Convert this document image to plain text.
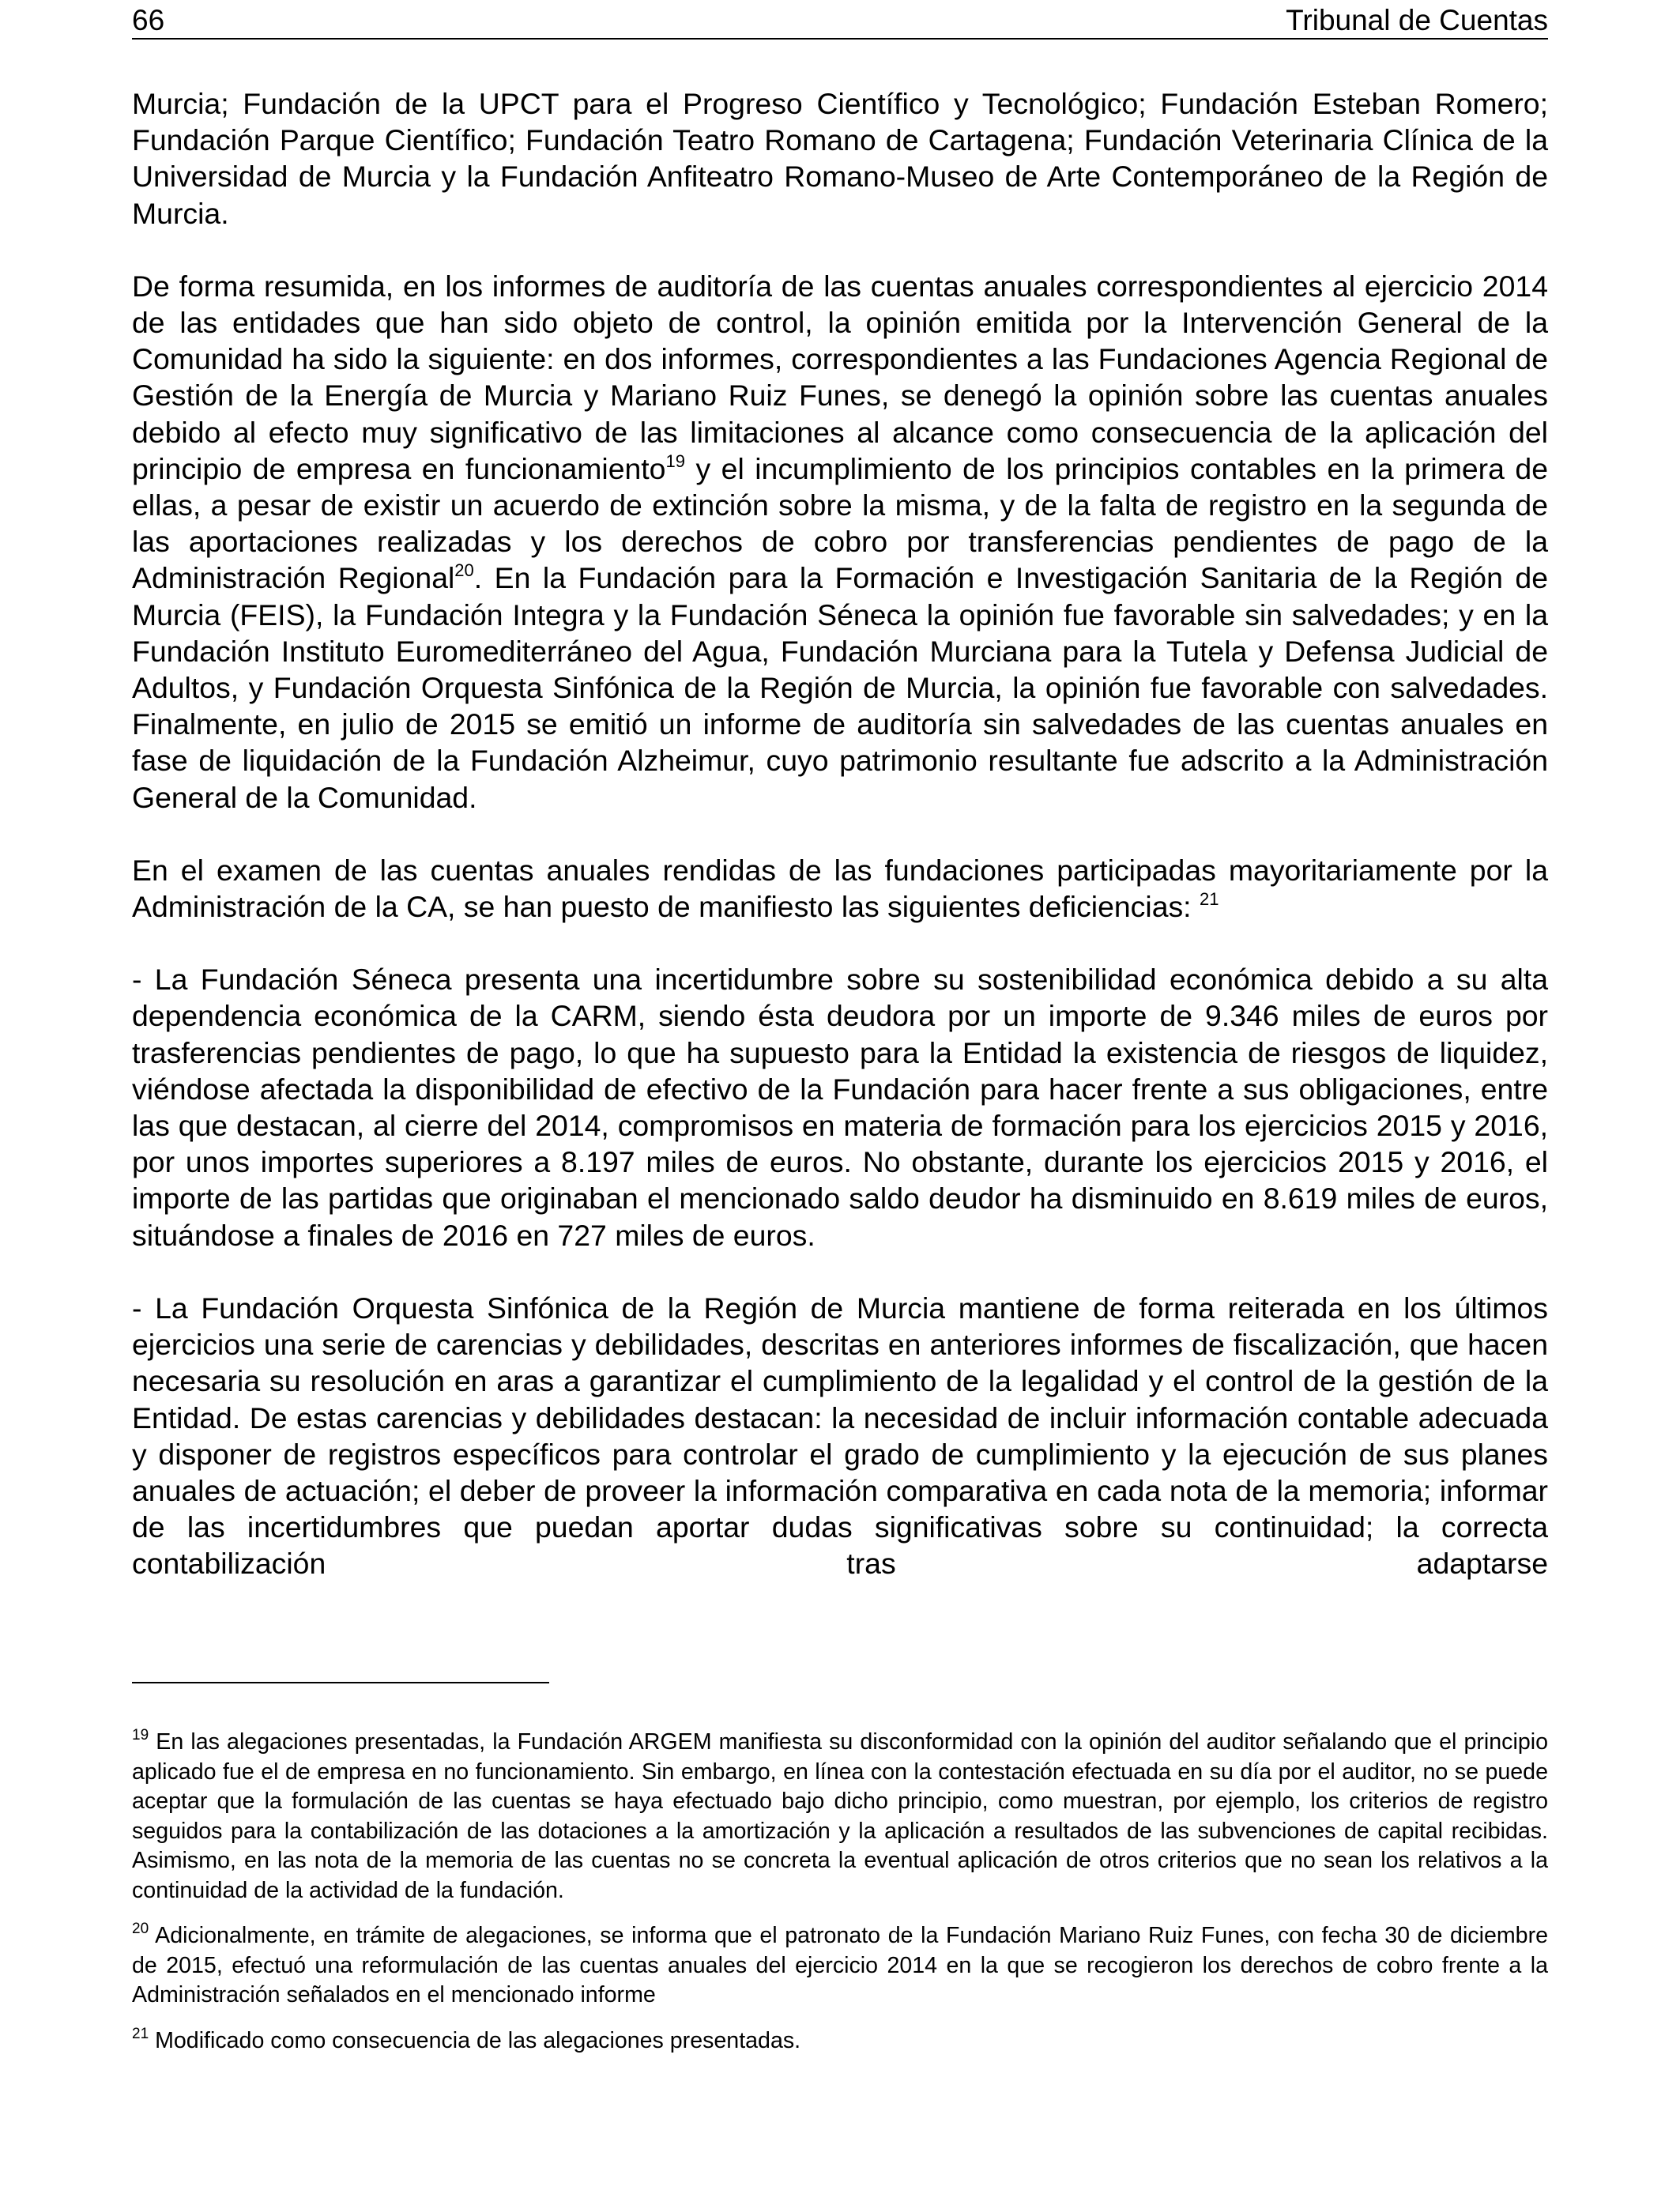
66	Tribunal de Cuentas

Murcia; Fundación de la UPCT para el Progreso Científico y Tecnológico; Fundación Esteban Romero; Fundación Parque Científico; Fundación Teatro Romano de Cartagena; Fundación Veterinaria Clínica de la Universidad de Murcia y la Fundación Anfiteatro Romano-Museo de Arte Contemporáneo de la Región de Murcia.

De forma resumida, en los informes de auditoría de las cuentas anuales correspondientes al ejercicio 2014 de las entidades que han sido objeto de control, la opinión emitida por la Intervención General de la Comunidad ha sido la siguiente: en dos informes, correspondientes a las Fundaciones Agencia Regional de Gestión de la Energía de Murcia y Mariano Ruiz Funes, se denegó la opinión sobre las cuentas anuales debido al efecto muy significativo de las limitaciones al alcance como consecuencia de la aplicación del principio de empresa en funcionamiento$^{19}$ y el incumplimiento de los principios contables en la primera de ellas, a pesar de existir un acuerdo de extinción sobre la misma, y de la falta de registro en la segunda de las aportaciones realizadas y los derechos de cobro por transferencias pendientes de pago de la Administración Regional$^{20}$. En la Fundación para la Formación e Investigación Sanitaria de la Región de Murcia (FEIS), la Fundación Integra y la Fundación Séneca la opinión fue favorable sin salvedades; y en la Fundación Instituto Euromediterráneo del Agua, Fundación Murciana para la Tutela y Defensa Judicial de Adultos, y Fundación Orquesta Sinfónica de la Región de Murcia, la opinión fue favorable con salvedades. Finalmente, en julio de 2015 se emitió un informe de auditoría sin salvedades de las cuentas anuales en fase de liquidación de la Fundación Alzheimur, cuyo patrimonio resultante fue adscrito a la Administración General de la Comunidad.

En el examen de las cuentas anuales rendidas de las fundaciones participadas mayoritariamente por la Administración de la CA, se han puesto de manifiesto las siguientes deficiencias: $^{21}$

- La Fundación Séneca presenta una incertidumbre sobre su sostenibilidad económica debido a su alta dependencia económica de la CARM, siendo ésta deudora por un importe de 9.346 miles de euros por trasferencias pendientes de pago, lo que ha supuesto para la Entidad la existencia de riesgos de liquidez, viéndose afectada la disponibilidad de efectivo de la Fundación para hacer frente a sus obligaciones, entre las que destacan, al cierre del 2014, compromisos en materia de formación para los ejercicios 2015 y 2016, por unos importes superiores a 8.197 miles de euros. No obstante, durante los ejercicios 2015 y 2016, el importe de las partidas que originaban el mencionado saldo deudor ha disminuido en 8.619 miles de euros, situándose a finales de 2016 en 727 miles de euros.

- La Fundación Orquesta Sinfónica de la Región de Murcia mantiene de forma reiterada en los últimos ejercicios una serie de carencias y debilidades, descritas en anteriores informes de fiscalización, que hacen necesaria su resolución en aras a garantizar el cumplimiento de la legalidad y el control de la gestión de la Entidad. De estas carencias y debilidades destacan: la necesidad de incluir información contable adecuada y disponer de registros específicos para controlar el grado de cumplimiento y la ejecución de sus planes anuales de actuación; el deber de proveer la información comparativa en cada nota de la memoria; informar de las incertidumbres que puedan aportar dudas significativas sobre su continuidad; la correcta contabilización tras adaptarse

$^{19}$ En las alegaciones presentadas, la Fundación ARGEM manifiesta su disconformidad con la opinión del auditor señalando que el principio aplicado fue el de empresa en no funcionamiento. Sin embargo, en línea con la contestación efectuada en su día por el auditor, no se puede aceptar que la formulación de las cuentas se haya efectuado bajo dicho principio, como muestran, por ejemplo, los criterios de registro seguidos para la contabilización de las dotaciones a la amortización y la aplicación a resultados de las subvenciones de capital recibidas. Asimismo, en las nota de la memoria de las cuentas no se concreta la eventual aplicación de otros criterios que no sean los relativos a la continuidad de la actividad de la fundación.

$^{20}$ Adicionalmente, en trámite de alegaciones, se informa que el patronato de la Fundación Mariano Ruiz Funes, con fecha 30 de diciembre de 2015, efectuó una reformulación de las cuentas anuales del ejercicio 2014 en la que se recogieron los derechos de cobro frente a la Administración señalados en el mencionado informe

$^{21}$ Modificado como consecuencia de las alegaciones presentadas.
